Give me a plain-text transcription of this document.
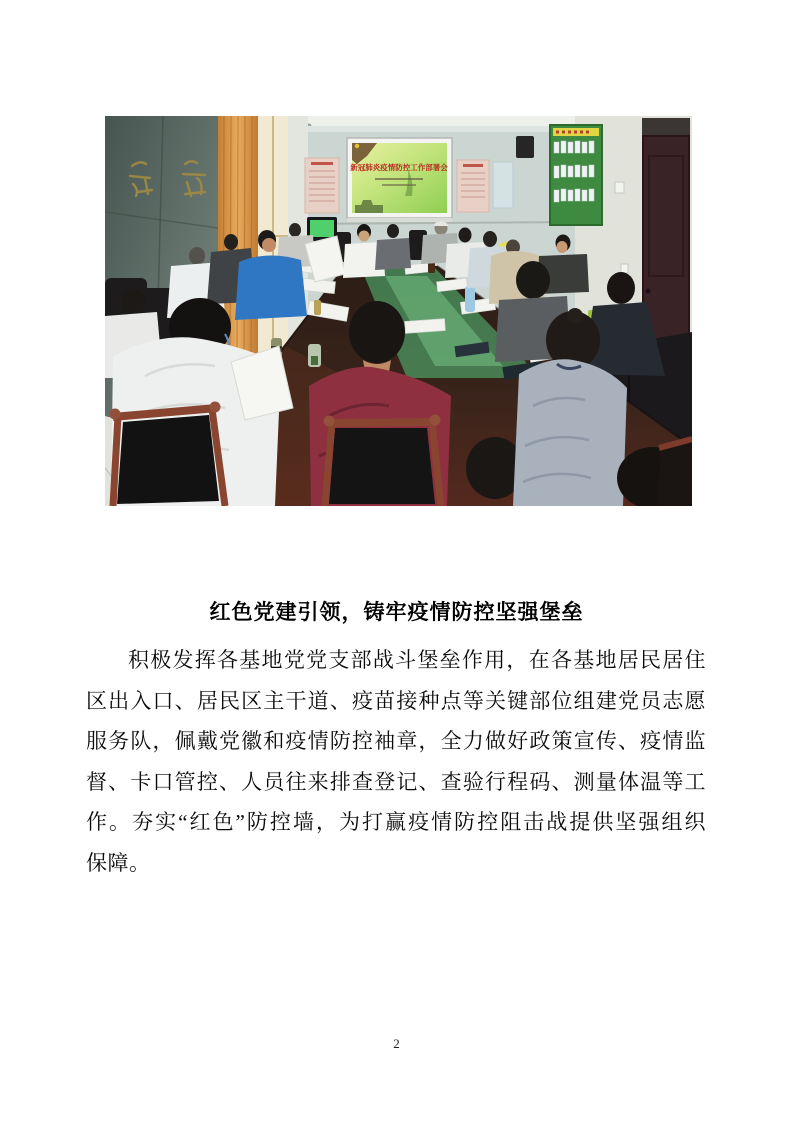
新冠肺炎疫情防控工作部署会
红色党建引领，铸牢疫情防控坚强堡垒
积极发挥各基地党党支部战斗堡垒作用，在各基地居民居住
区出入口、居民区主干道、疫苗接种点等关键部位组建党员志愿
服务队，佩戴党徽和疫情防控袖章，全力做好政策宣传、疫情监
督、卡口管控、人员往来排查登记、查验行程码、测量体温等工
作。夯实“红色”防控墙，为打赢疫情防控阻击战提供坚强组织
保障。
2
